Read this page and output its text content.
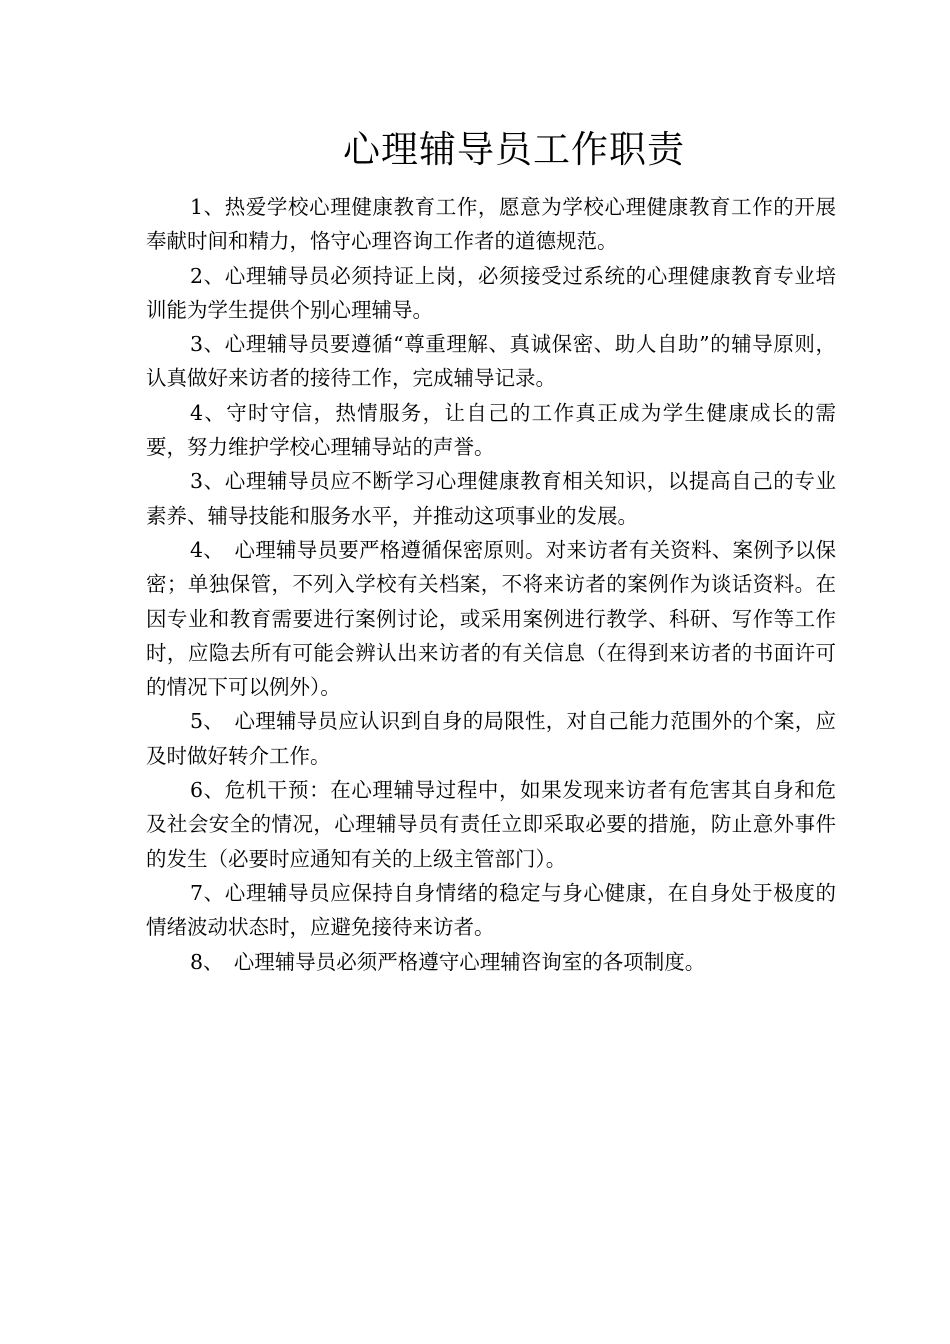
心理辅导员工作职责

1、热爱学校心理健康教育工作，愿意为学校心理健康教育工作的开展奉献时间和精力，恪守心理咨询工作者的道德规范。

2、心理辅导员必须持证上岗，必须接受过系统的心理健康教育专业培训能为学生提供个别心理辅导。

3、心理辅导员要遵循“尊重理解、真诚保密、助人自助”的辅导原则，认真做好来访者的接待工作，完成辅导记录。

4、守时守信，热情服务，让自己的工作真正成为学生健康成长的需要，努力维护学校心理辅导站的声誉。

3、心理辅导员应不断学习心理健康教育相关知识，以提高自己的专业素养、辅导技能和服务水平，并推动这项事业的发展。

4、　心理辅导员要严格遵循保密原则。对来访者有关资料、案例予以保密；单独保管，不列入学校有关档案，不将来访者的案例作为谈话资料。在因专业和教育需要进行案例讨论，或采用案例进行教学、科研、写作等工作时，应隐去所有可能会辨认出来访者的有关信息（在得到来访者的书面许可的情况下可以例外）。

5、　心理辅导员应认识到自身的局限性，对自己能力范围外的个案，应及时做好转介工作。

6、危机干预：在心理辅导过程中，如果发现来访者有危害其自身和危及社会安全的情况，心理辅导员有责任立即采取必要的措施，防止意外事件的发生（必要时应通知有关的上级主管部门）。

7、心理辅导员应保持自身情绪的稳定与身心健康，在自身处于极度的情绪波动状态时，应避免接待来访者。

8、　心理辅导员必须严格遵守心理辅咨询室的各项制度。
